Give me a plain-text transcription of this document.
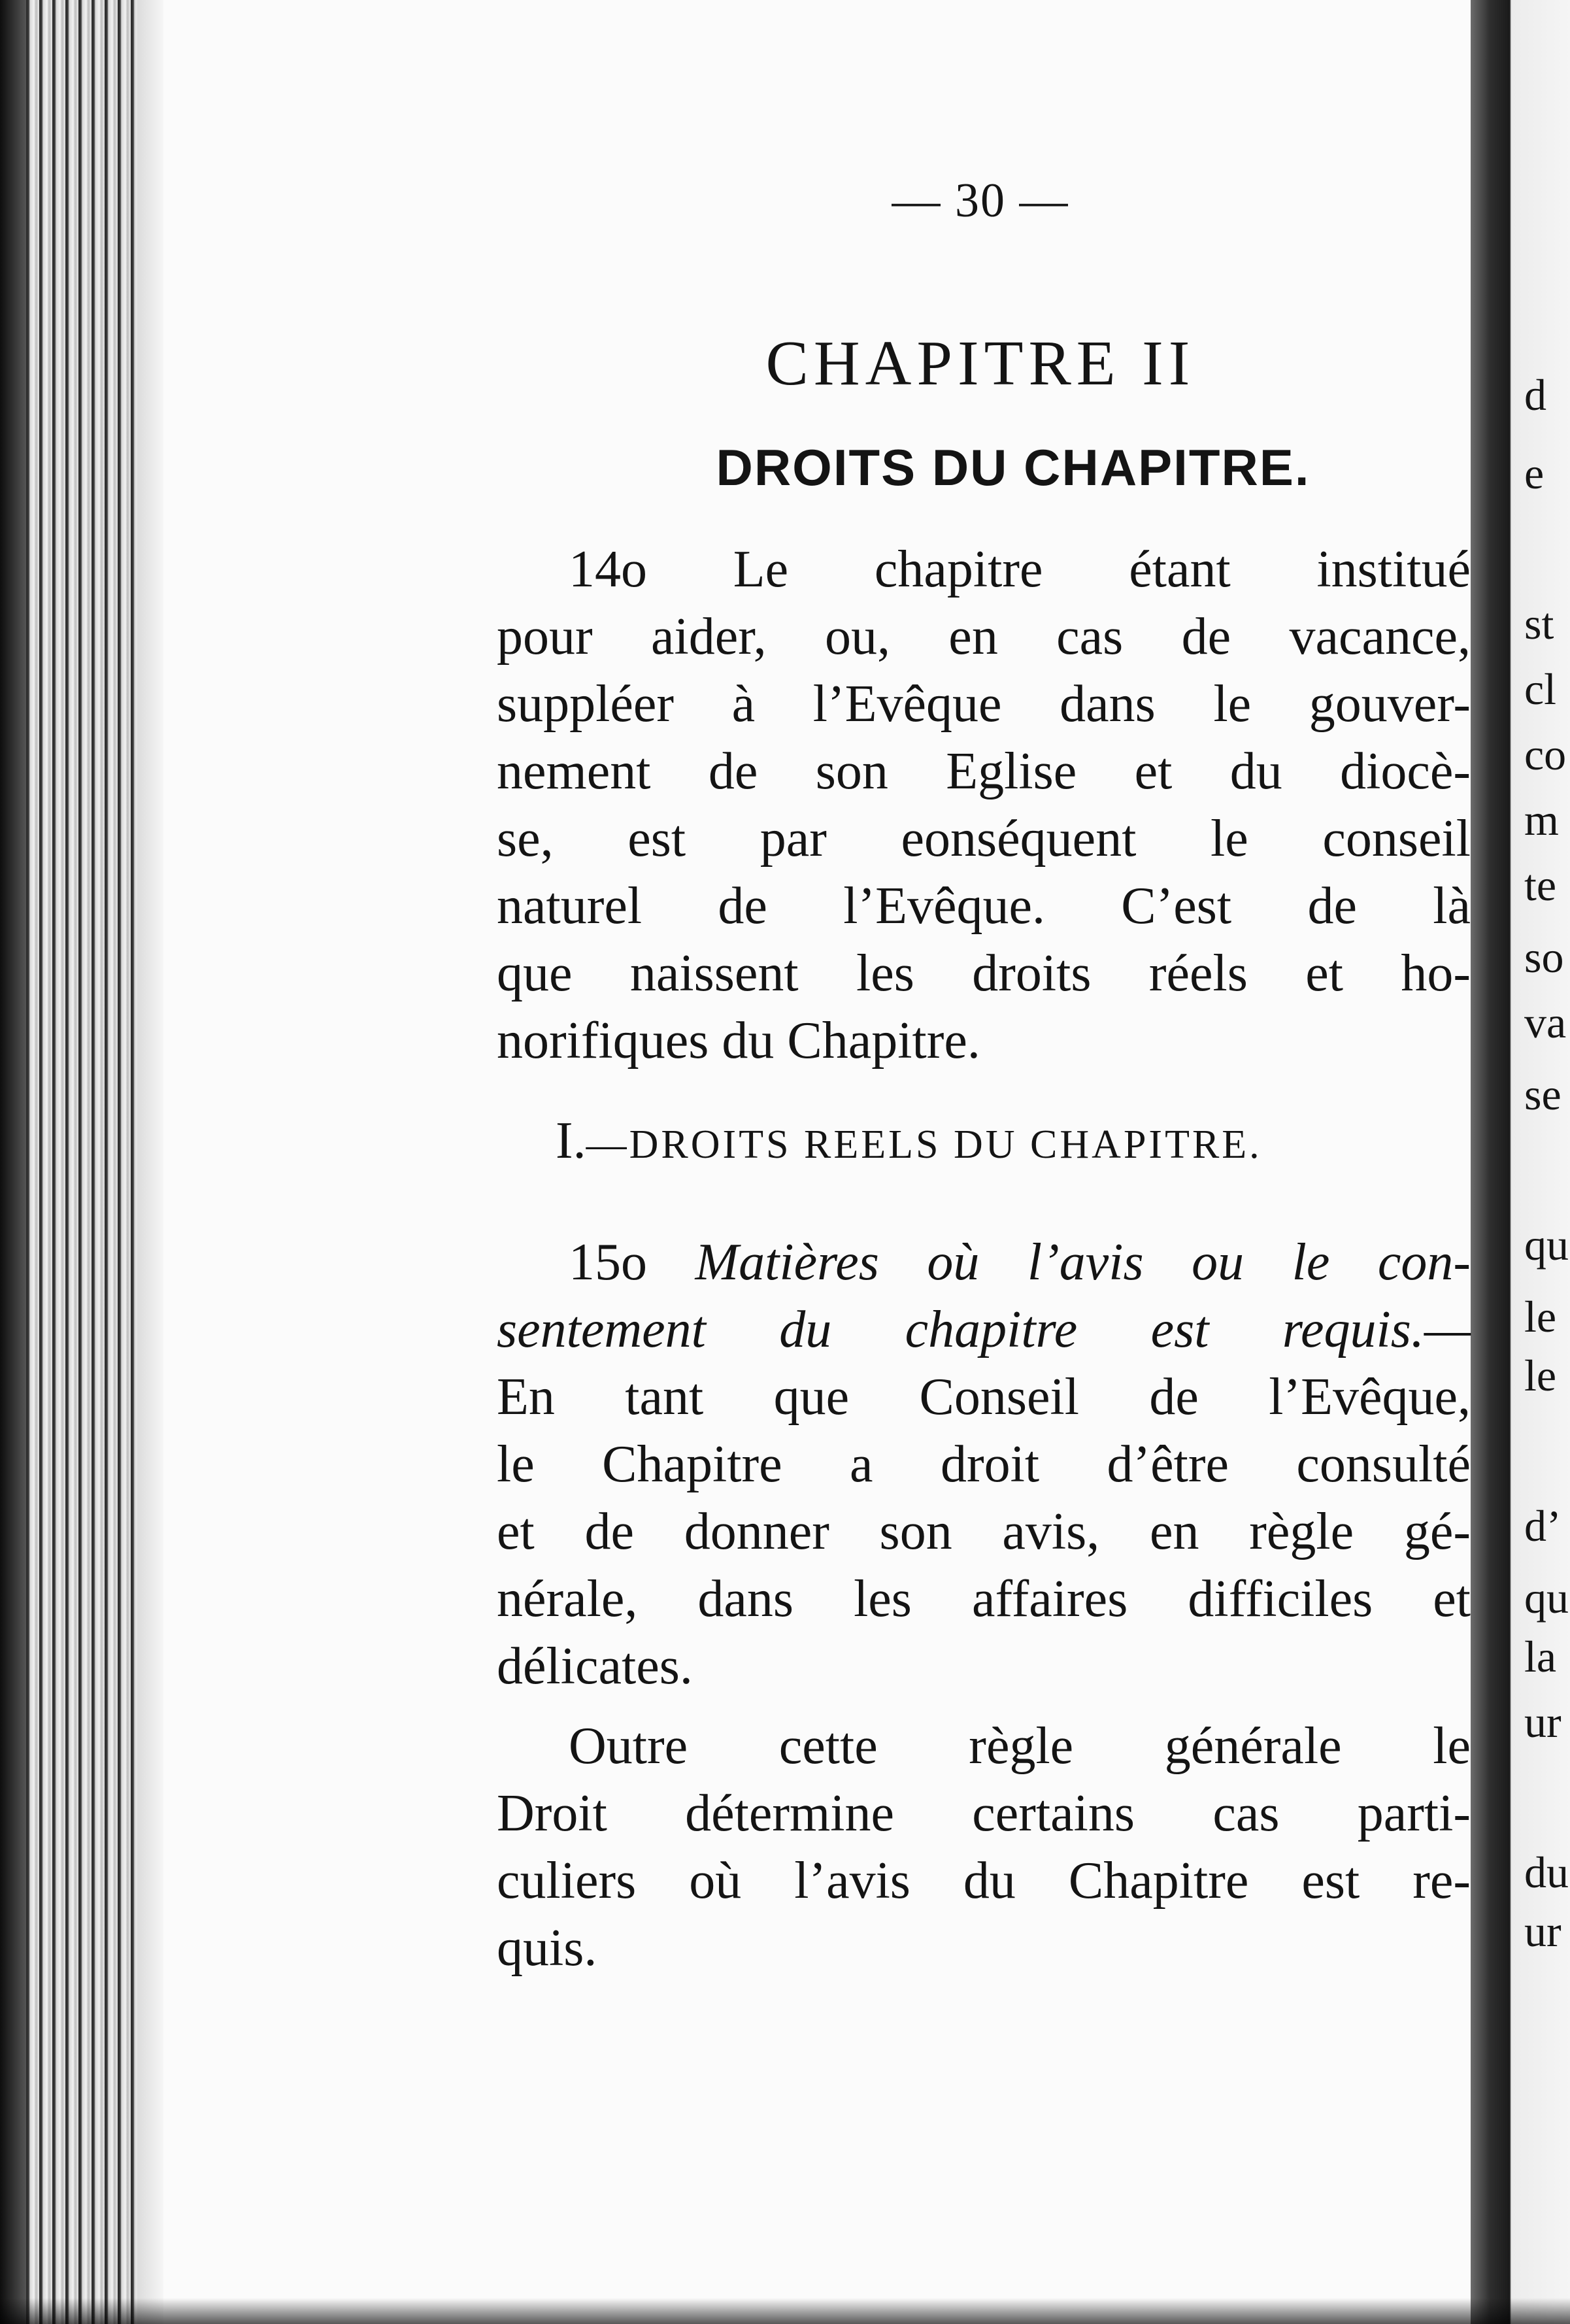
d
e
st
cl
co
m
te
so
va
se
qu
le
le
d’
qu
la
ur
du
ur
— 30 —
CHAPITRE II
DROITS DU CHAPITRE.
14o Le chapitre étant institué
pour aider, ou, en cas de vacance,
suppléer à l’Evêque dans le gouver-
nement de son Eglise et du diocè-
se, est par eonséquent le conseil
naturel de l’Evêque. C’est de là
que naissent les droits réels et ho-
norifiques du Chapitre.
I.—DROITS REELS DU CHAPITRE.
15o Matières où l’avis ou le con-
sentement du chapitre est requis.—
En tant que Conseil de l’Evêque,
le Chapitre a droit d’être consulté
et de donner son avis, en règle gé-
nérale, dans les affaires difficiles et
délicates.
Outre cette règle générale le
Droit détermine certains cas parti-
culiers où l’avis du Chapitre est re-
quis.
